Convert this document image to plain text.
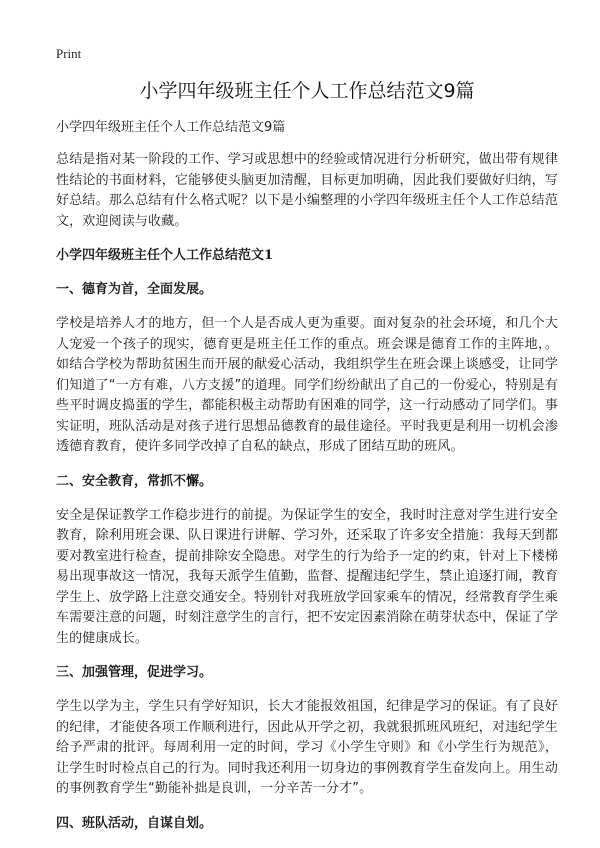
Print
小学四年级班主任个人工作总结范文9篇

小学四年级班主任个人工作总结范文9篇

总结是指对某一阶段的工作、学习或思想中的经验或情况进行分析研究，做出带有规律性结论的书面材料，它能够使头脑更加清醒，目标更加明确，因此我们要做好归纳，写好总结。那么总结有什么格式呢？以下是小编整理的小学四年级班主任个人工作总结范文，欢迎阅读与收藏。

小学四年级班主任个人工作总结范文1

一、德育为首，全面发展。

学校是培养人才的地方，但一个人是否成人更为重要。面对复杂的社会环境，和几个大人宠爱一个孩子的现实，德育更是班主任工作的重点。班会课是德育工作的主阵地，。如结合学校为帮助贫困生而开展的献爱心活动，我组织学生在班会课上谈感受，让同学们知道了“一方有难，八方支援”的道理。同学们纷纷献出了自己的一份爱心，特别是有些平时调皮捣蛋的学生，都能积极主动帮助有困难的同学，这一行动感动了同学们。事实证明，班队活动是对孩子进行思想品德教育的最佳途径。平时我更是利用一切机会渗透德育教育，使许多同学改掉了自私的缺点，形成了团结互助的班风。

二、安全教育，常抓不懈。

安全是保证教学工作稳步进行的前提。为保证学生的安全，我时时注意对学生进行安全教育，除利用班会课、队日课进行讲解、学习外，还采取了许多安全措施：我每天到都要对教室进行检查，提前排除安全隐患。对学生的行为给予一定的约束，针对上下楼梯易出现事故这一情况，我每天派学生值勤，监督、提醒违纪学生，禁止追逐打闹，教育学生上、放学路上注意交通安全。特别针对我班放学回家乘车的情况，经常教育学生乘车需要注意的问题，时刻注意学生的言行，把不安定因素消除在萌芽状态中，保证了学生的健康成长。

三、加强管理，促进学习。

学生以学为主，学生只有学好知识，长大才能报效祖国，纪律是学习的保证。有了良好的纪律，才能使各项工作顺利进行，因此从开学之初，我就狠抓班风班纪，对违纪学生给予严肃的批评。每周利用一定的时间，学习《小学生守则》和《小学生行为规范》，让学生时时检点自己的行为。同时我还利用一切身边的事例教育学生奋发向上。用生动的事例教育学生“勤能补拙是良训，一分辛苦一分才”。

四、班队活动，自谋自划。
